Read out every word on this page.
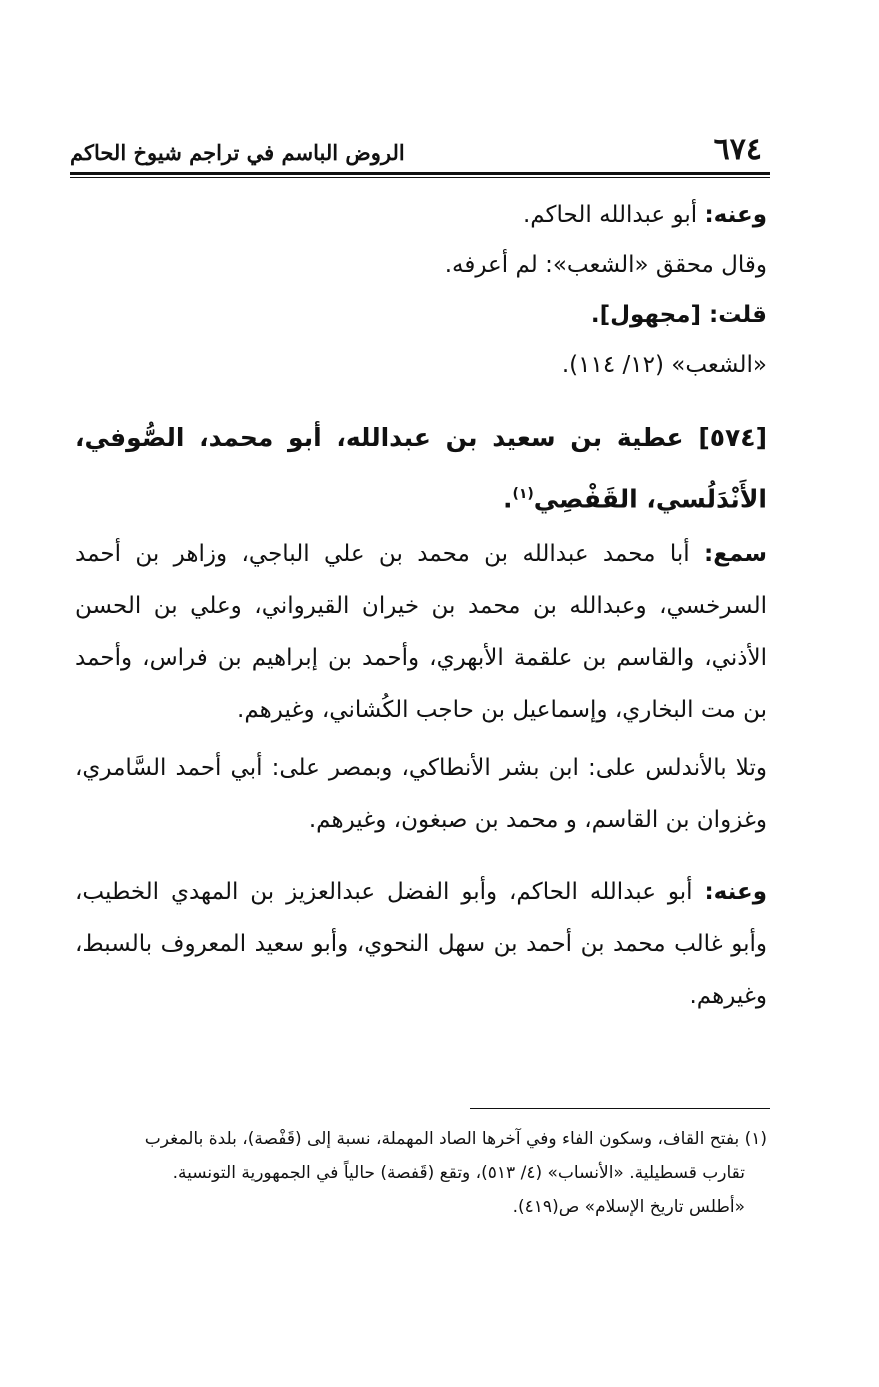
٦٧٤
الروض الباسم في تراجم شيوخ الحاكم
وعنه: أبو عبدالله الحاكم.
وقال محقق «الشعب»: لم أعرفه.
قلت: [مجهول].
«الشعب» (١٢/ ١١٤).
[٥٧٤] عطية بن سعيد بن عبدالله، أبو محمد، الصُّوفي، الأَنْدَلُسي، القَفْصِي$^{(١)}$.
سمع: أبا محمد عبدالله بن محمد بن علي الباجي، وزاهر بن أحمد السرخسي، وعبدالله بن محمد بن خيران القيرواني، وعلي بن الحسن الأذني، والقاسم بن علقمة الأبهري، وأحمد بن إبراهيم بن فراس، وأحمد بن مت البخاري، وإسماعيل بن حاجب الكُشاني، وغيرهم.
وتلا بالأندلس على: ابن بشر الأنطاكي، وبمصر على: أبي أحمد السَّامري، وغزوان بن القاسم، و محمد بن صبغون، وغيرهم.
وعنه: أبو عبدالله الحاكم، وأبو الفضل عبدالعزيز بن المهدي الخطيب، وأبو غالب محمد بن أحمد بن سهل النحوي، وأبو سعيد المعروف بالسبط، وغيرهم.
(١) بفتح القاف، وسكون الفاء وفي آخرها الصاد المهملة، نسبة إلى (قَفْصة)، بلدة بالمغرب
تقارب قسطيلية. «الأنساب» (٤/ ٥١٣)، وتقع (قَفصة) حالياً في الجمهورية التونسية.
«أطلس تاريخ الإسلام» ص(٤١٩).
